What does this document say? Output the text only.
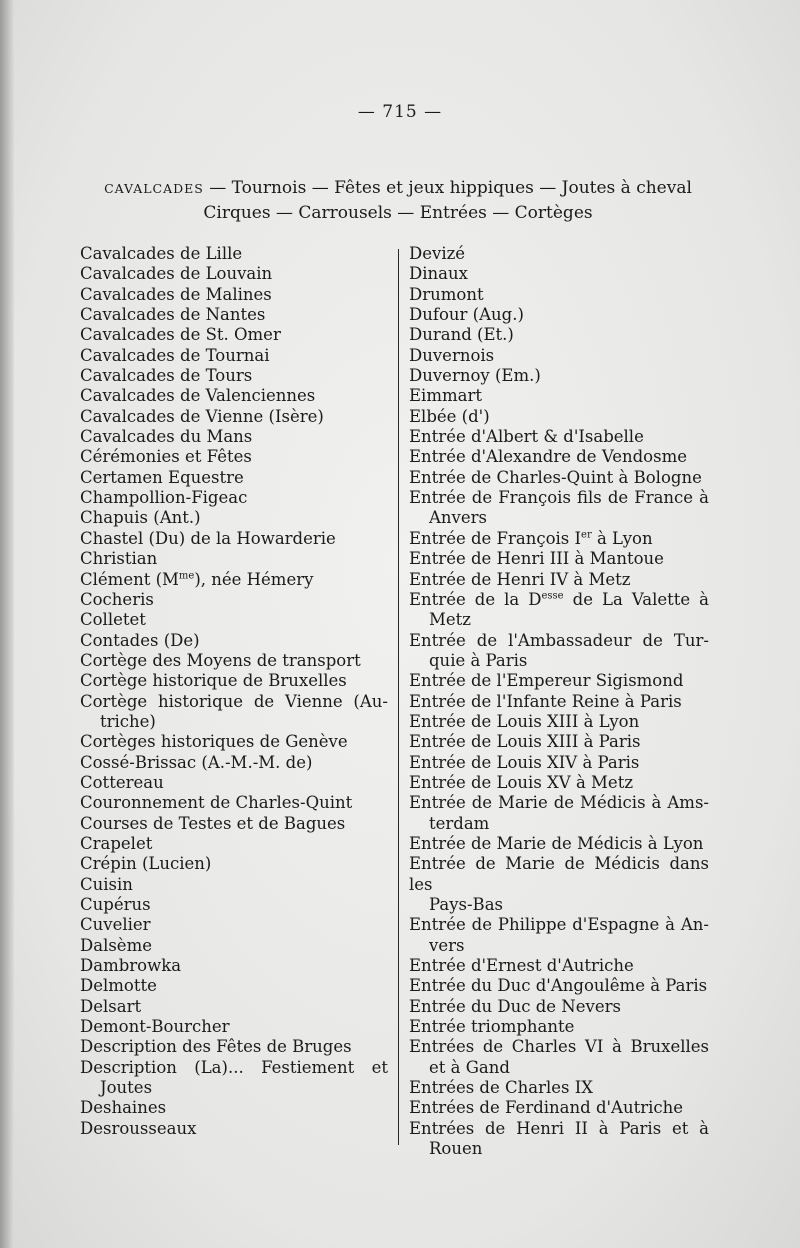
— 715 —
CAVALCADES — Tournois — Fêtes et jeux hippiques — Joutes à cheval
Cirques — Carrousels — Entrées — Cortèges
Cavalcades de Lille
Cavalcades de Louvain
Cavalcades de Malines
Cavalcades de Nantes
Cavalcades de St. Omer
Cavalcades de Tournai
Cavalcades de Tours
Cavalcades de Valenciennes
Cavalcades de Vienne (Isère)
Cavalcades du Mans
Cérémonies et Fêtes
Certamen Equestre
Champollion-Figeac
Chapuis (Ant.)
Chastel (Du) de la Howarderie
Christian
Clément $(M^{me})$, née Hémery
Cocheris
Colletet
Contades (De)
Cortège des Moyens de transport
Cortège historique de Bruxelles
Cortège historique de Vienne (Au-
triche)
Cortèges historiques de Genève
Cossé-Brissac (A.-M.-M. de)
Cottereau
Couronnement de Charles-Quint
Courses de Testes et de Bagues
Crapelet
Crépin (Lucien)
Cuisin
Cupérus
Cuvelier
Dalsème
Dambrowka
Delmotte
Delsart
Demont-Bourcher
Description des Fêtes de Bruges
Description (La)... Festiement et
Joutes
Deshaines
Desrousseaux
Devizé
Dinaux
Drumont
Dufour (Aug.)
Durand (Et.)
Duvernois
Duvernoy (Em.)
Eimmart
Elbée (d')
Entrée d'Albert & d'Isabelle
Entrée d'Alexandre de Vendosme
Entrée de Charles-Quint à Bologne
Entrée de François fils de France à
Anvers
Entrée de François Ier à Lyon
Entrée de Henri III à Mantoue
Entrée de Henri IV à Metz
Entrée de la $D^{esse}$ de La Valette à
Metz
Entrée de l'Ambassadeur de Tur-
quie à Paris
Entrée de l'Empereur Sigismond
Entrée de l'Infante Reine à Paris
Entrée de Louis XIII à Lyon
Entrée de Louis XIII à Paris
Entrée de Louis XIV à Paris
Entrée de Louis XV à Metz
Entrée de Marie de Médicis à Ams-
terdam
Entrée de Marie de Médicis à Lyon
Entrée de Marie de Médicis dans les
Pays-Bas
Entrée de Philippe d'Espagne à An-
vers
Entrée d'Ernest d'Autriche
Entrée du Duc d'Angoulême à Paris
Entrée du Duc de Nevers
Entrée triomphante
Entrées de Charles VI à Bruxelles
et à Gand
Entrées de Charles IX
Entrées de Ferdinand d'Autriche
Entrées de Henri II à Paris et à
Rouen
